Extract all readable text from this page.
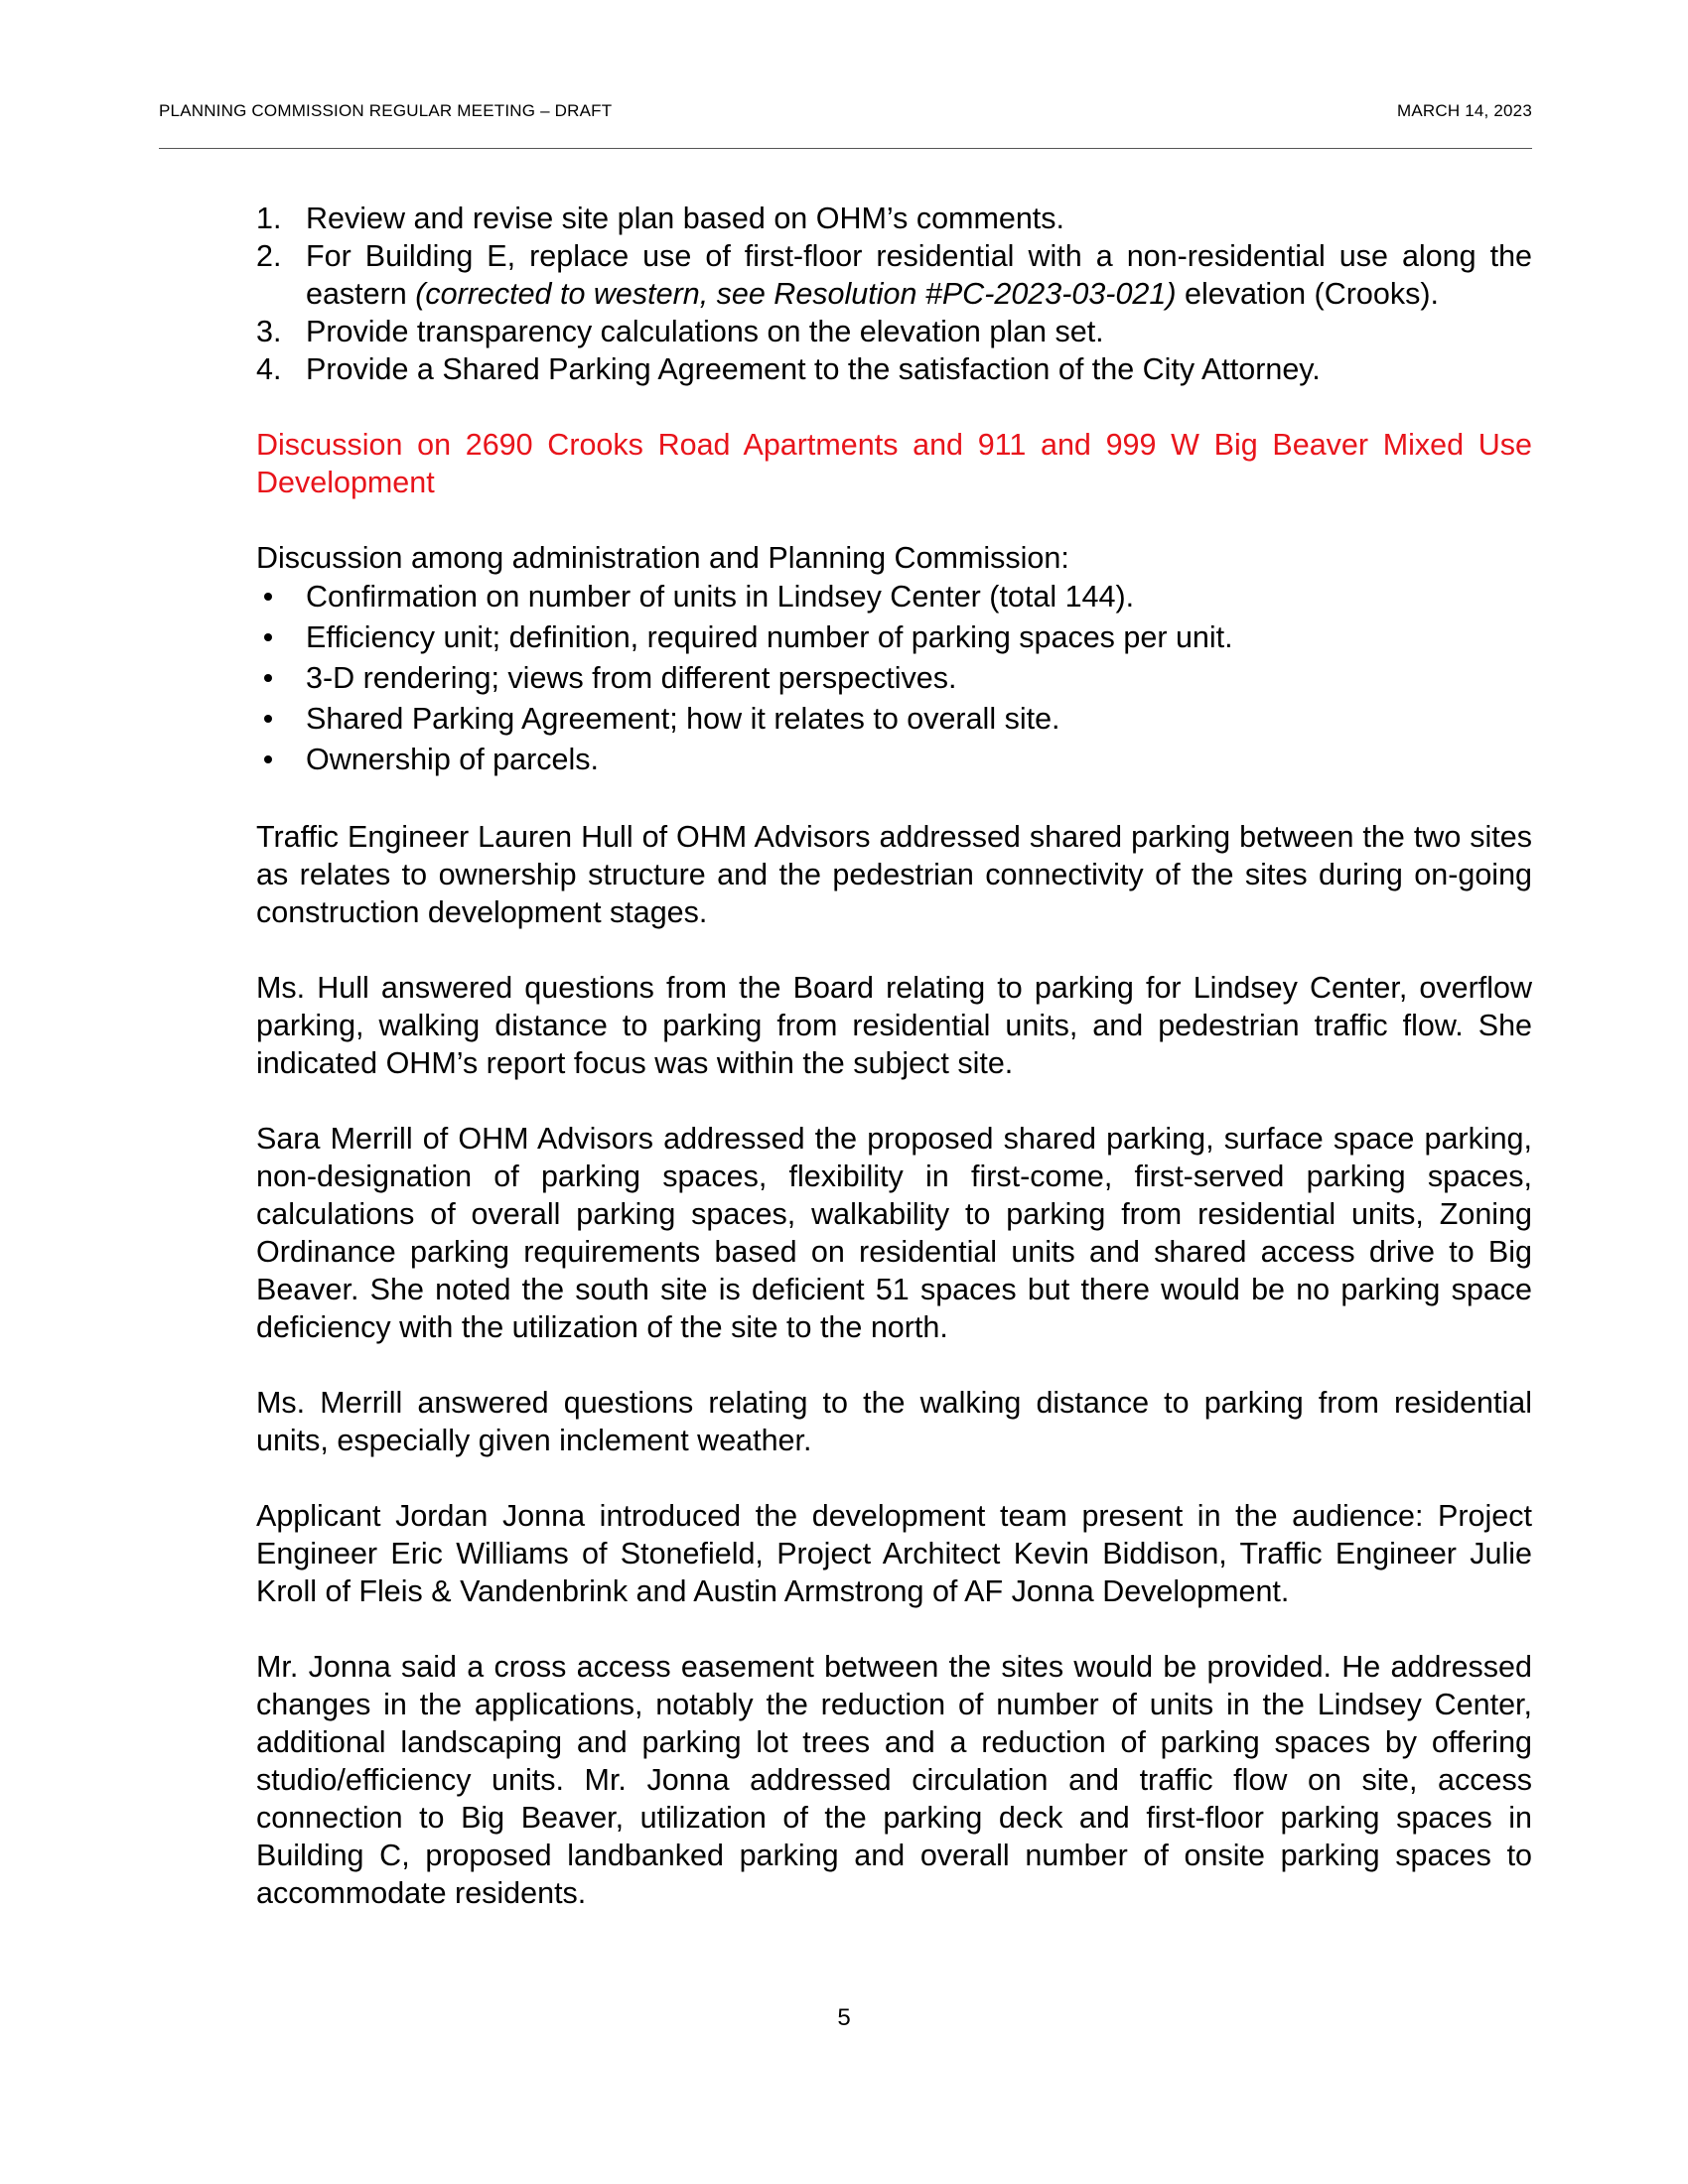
PLANNING COMMISSION REGULAR MEETING – DRAFT	MARCH 14, 2023
1. Review and revise site plan based on OHM’s comments.
2. For Building E, replace use of first-floor residential with a non-residential use along the eastern (corrected to western, see Resolution #PC-2023-03-021) elevation (Crooks).
3. Provide transparency calculations on the elevation plan set.
4. Provide a Shared Parking Agreement to the satisfaction of the City Attorney.

Discussion on 2690 Crooks Road Apartments and 911 and 999 W Big Beaver Mixed Use Development

Discussion among administration and Planning Commission:

Confirmation on number of units in Lindsey Center (total 144).
Efficiency unit; definition, required number of parking spaces per unit.
3-D rendering; views from different perspectives.
Shared Parking Agreement; how it relates to overall site.
Ownership of parcels.

Traffic Engineer Lauren Hull of OHM Advisors addressed shared parking between the two sites as relates to ownership structure and the pedestrian connectivity of the sites during on-going construction development stages.

Ms. Hull answered questions from the Board relating to parking for Lindsey Center, overflow parking, walking distance to parking from residential units, and pedestrian traffic flow. She indicated OHM’s report focus was within the subject site.

Sara Merrill of OHM Advisors addressed the proposed shared parking, surface space parking, non-designation of parking spaces, flexibility in first-come, first-served parking spaces, calculations of overall parking spaces, walkability to parking from residential units, Zoning Ordinance parking requirements based on residential units and shared access drive to Big Beaver. She noted the south site is deficient 51 spaces but there would be no parking space deficiency with the utilization of the site to the north.

Ms. Merrill answered questions relating to the walking distance to parking from residential units, especially given inclement weather.

Applicant Jordan Jonna introduced the development team present in the audience: Project Engineer Eric Williams of Stonefield, Project Architect Kevin Biddison, Traffic Engineer Julie Kroll of Fleis & Vandenbrink and Austin Armstrong of AF Jonna Development.

Mr. Jonna said a cross access easement between the sites would be provided. He addressed changes in the applications, notably the reduction of number of units in the Lindsey Center, additional landscaping and parking lot trees and a reduction of parking spaces by offering studio/efficiency units. Mr. Jonna addressed circulation and traffic flow on site, access connection to Big Beaver, utilization of the parking deck and first-floor parking spaces in Building C, proposed landbanked parking and overall number of onsite parking spaces to accommodate residents.

5
